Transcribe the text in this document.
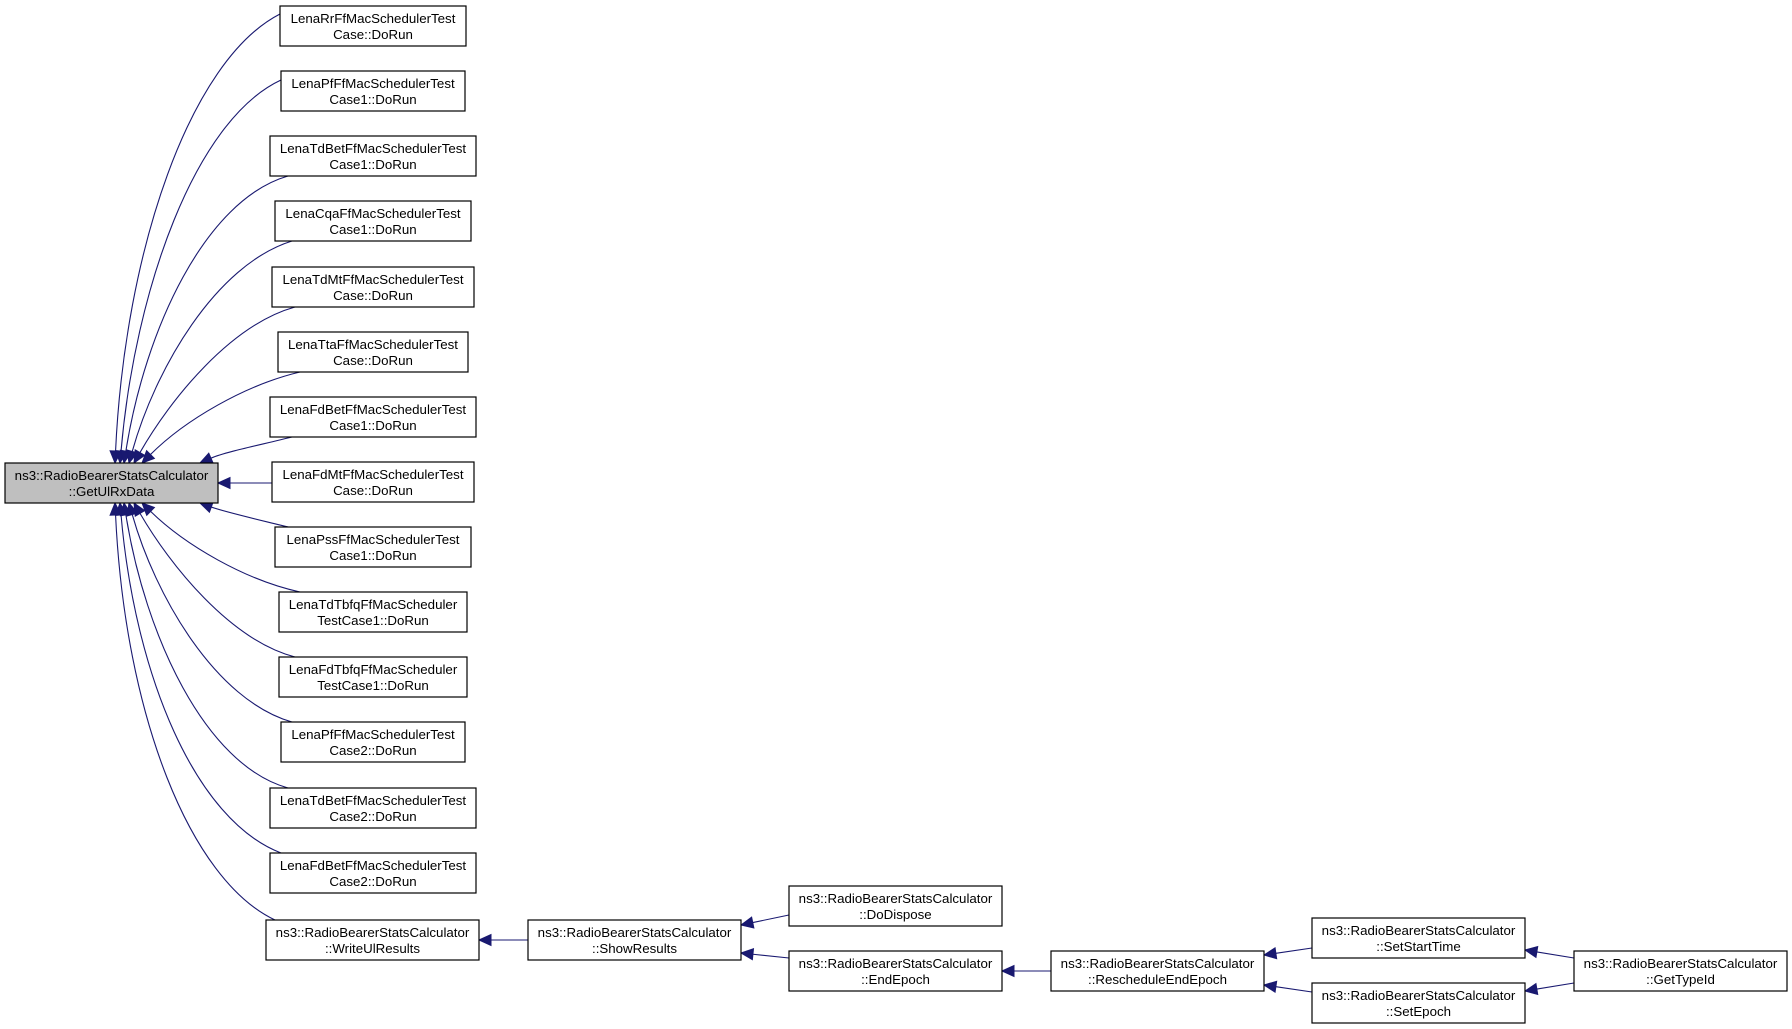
ns3::RadioBearerStatsCalculator
::GetUlRxData
LenaRrFfMacSchedulerTest
Case::DoRun
LenaPfFfMacSchedulerTest
Case1::DoRun
LenaTdBetFfMacSchedulerTest
Case1::DoRun
LenaCqaFfMacSchedulerTest
Case1::DoRun
LenaTdMtFfMacSchedulerTest
Case::DoRun
LenaTtaFfMacSchedulerTest
Case::DoRun
LenaFdBetFfMacSchedulerTest
Case1::DoRun
LenaFdMtFfMacSchedulerTest
Case::DoRun
LenaPssFfMacSchedulerTest
Case1::DoRun
LenaTdTbfqFfMacScheduler
TestCase1::DoRun
LenaFdTbfqFfMacScheduler
TestCase1::DoRun
LenaPfFfMacSchedulerTest
Case2::DoRun
LenaTdBetFfMacSchedulerTest
Case2::DoRun
LenaFdBetFfMacSchedulerTest
Case2::DoRun
ns3::RadioBearerStatsCalculator
::WriteUlResults
ns3::RadioBearerStatsCalculator
::ShowResults
ns3::RadioBearerStatsCalculator
::DoDispose
ns3::RadioBearerStatsCalculator
::EndEpoch
ns3::RadioBearerStatsCalculator
::RescheduleEndEpoch
ns3::RadioBearerStatsCalculator
::SetStartTime
ns3::RadioBearerStatsCalculator
::SetEpoch
ns3::RadioBearerStatsCalculator
::GetTypeId
